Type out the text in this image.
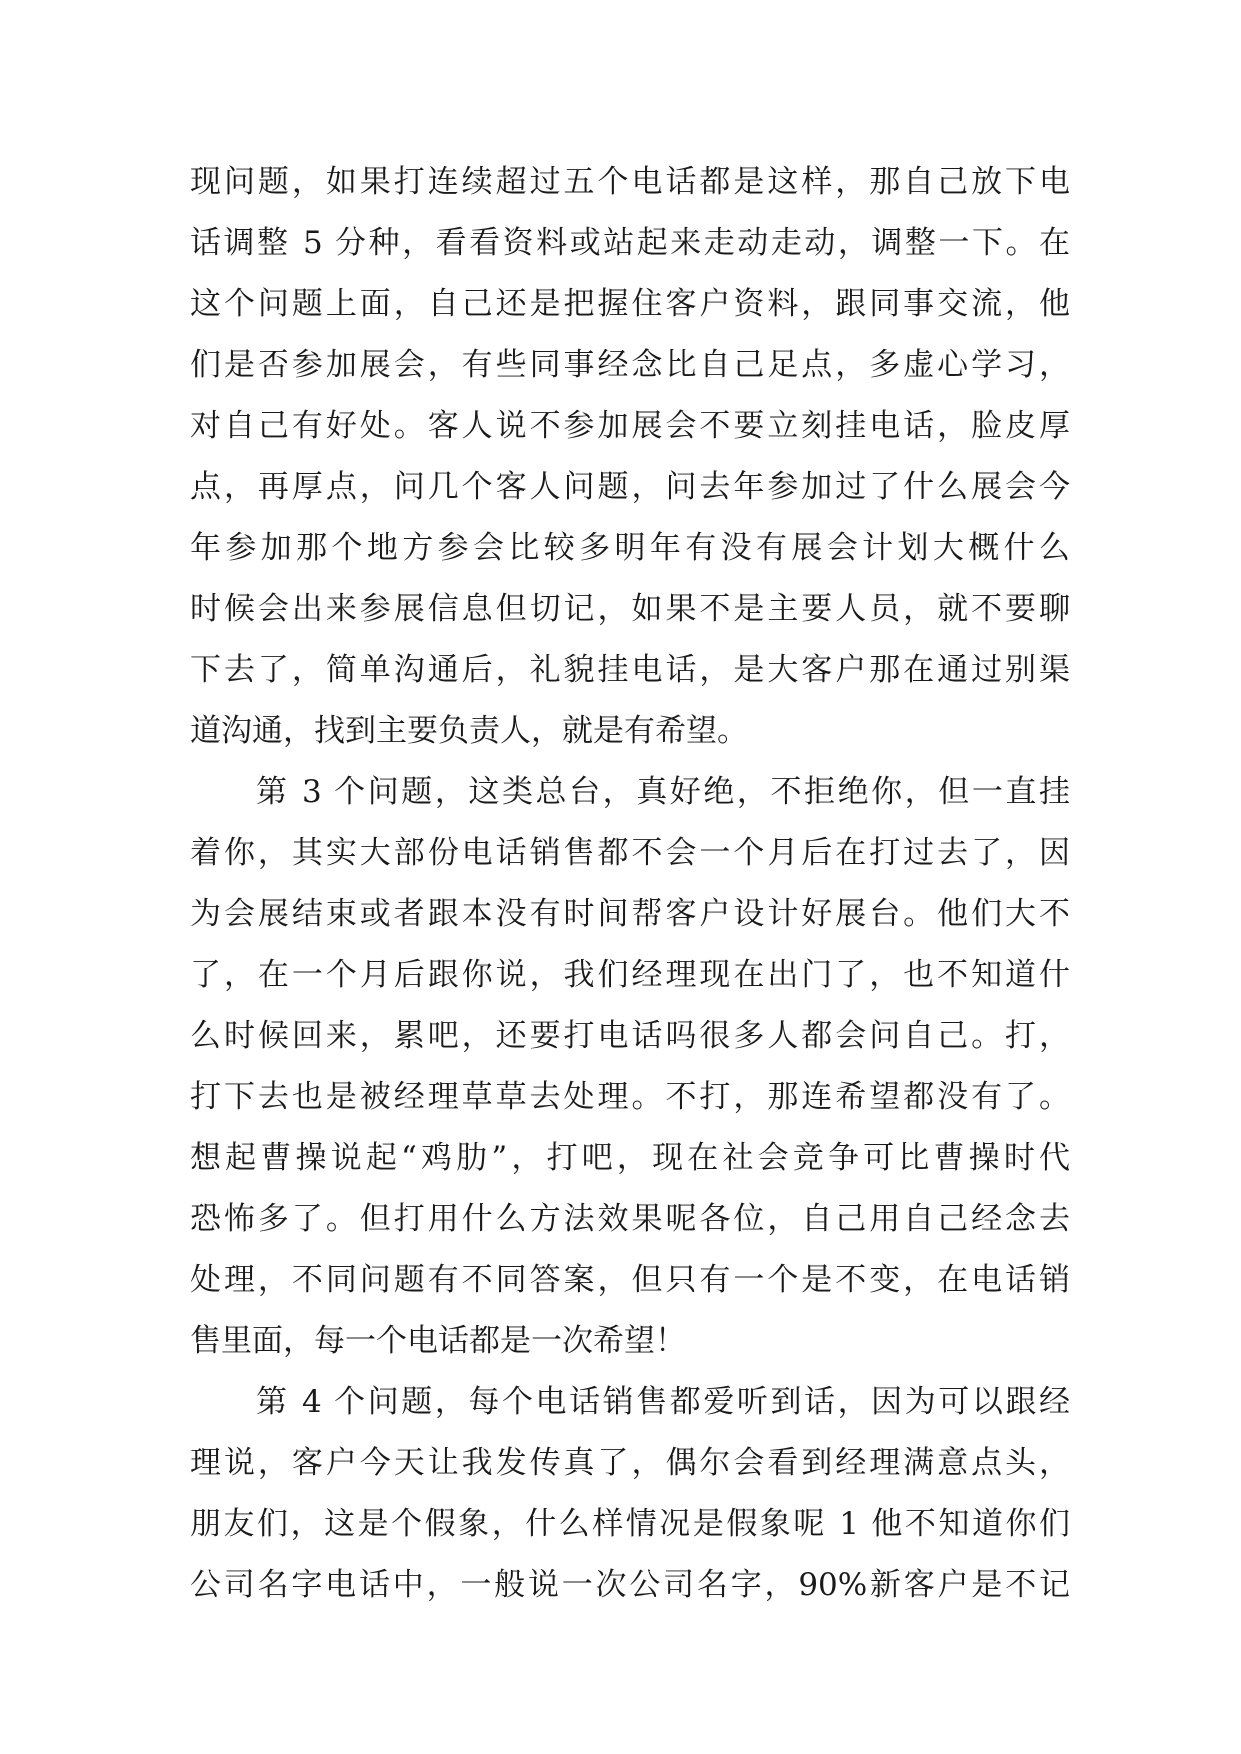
现问题，如果打连续超过五个电话都是这样，那自己放下电
话调整 5 分种，看看资料或站起来走动走动，调整一下。在
这个问题上面，自己还是把握住客户资料，跟同事交流，他
们是否参加展会，有些同事经念比自己足点，多虚心学习，
对自己有好处。客人说不参加展会不要立刻挂电话，脸皮厚
点，再厚点，问几个客人问题，问去年参加过了什么展会今
年参加那个地方参会比较多明年有没有展会计划大概什么
时候会出来参展信息但切记，如果不是主要人员，就不要聊
下去了，简单沟通后，礼貌挂电话，是大客户那在通过别渠
道沟通，找到主要负责人，就是有希望。
第 3 个问题，这类总台，真好绝，不拒绝你，但一直挂
着你，其实大部份电话销售都不会一个月后在打过去了，因
为会展结束或者跟本没有时间帮客户设计好展台。他们大不
了，在一个月后跟你说，我们经理现在出门了，也不知道什
么时候回来，累吧，还要打电话吗很多人都会问自己。打，
打下去也是被经理草草去处理。不打，那连希望都没有了。
想起曹操说起“鸡肋”，打吧，现在社会竞争可比曹操时代
恐怖多了。但打用什么方法效果呢各位，自己用自己经念去
处理，不同问题有不同答案，但只有一个是不变，在电话销
售里面，每一个电话都是一次希望！
第 4 个问题，每个电话销售都爱听到话，因为可以跟经
理说，客户今天让我发传真了，偶尔会看到经理满意点头，
朋友们，这是个假象，什么样情况是假象呢 1 他不知道你们
公司名字电话中，一般说一次公司名字，90%新客户是不记
